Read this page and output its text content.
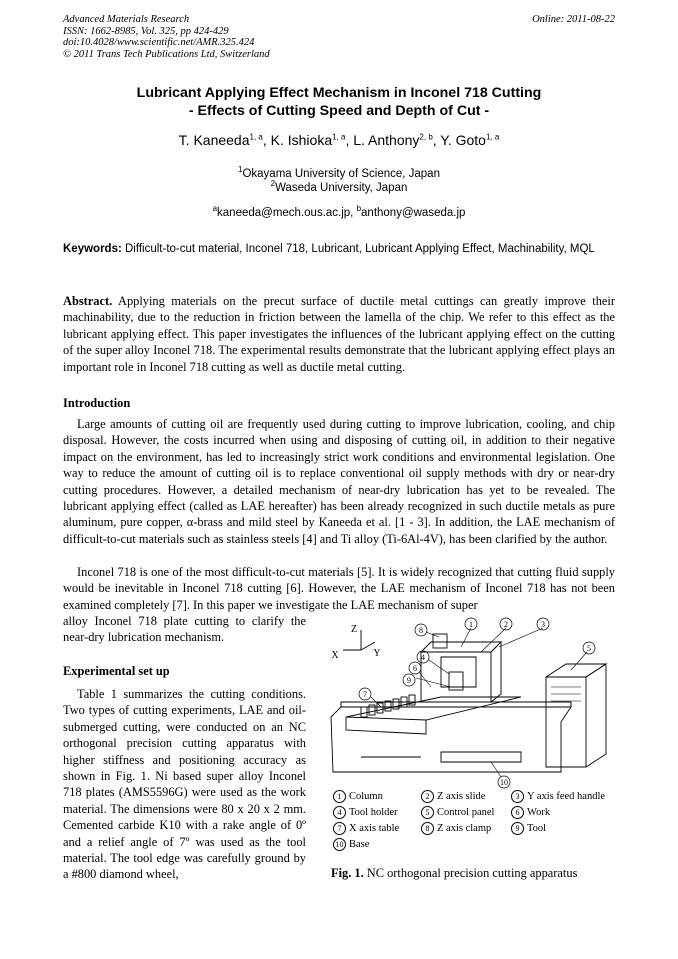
Advanced Materials Research
ISSN: 1662-8985, Vol. 325, pp 424-429
doi:10.4028/www.scientific.net/AMR.325.424
© 2011 Trans Tech Publications Ltd, Switzerland
Online: 2011-08-22
Lubricant Applying Effect Mechanism in Inconel 718 Cutting
- Effects of Cutting Speed and Depth of Cut -
T. Kaneeda$^{1, a}$, K. Ishioka$^{1, a}$, L. Anthony$^{2, b}$, Y. Goto$^{1, a}$
$^1$Okayama University of Science, Japan
$^2$Waseda University, Japan
$^a$kaneeda@mech.ous.ac.jp, $^b$anthony@waseda.jp
Keywords: Difficult-to-cut material, Inconel 718, Lubricant, Lubricant Applying Effect, Machinability, MQL
Abstract. Applying materials on the precut surface of ductile metal cuttings can greatly improve their machinability, due to the reduction in friction between the lamella of the chip. We refer to this effect as the lubricant applying effect. This paper investigates the influences of the lubricant applying effect on the cutting of the super alloy Inconel 718. The experimental results demonstrate that the lubricant applying effect plays an important role in Inconel 718 cutting as well as ductile metal cutting.
Introduction
Large amounts of cutting oil are frequently used during cutting to improve lubrication, cooling, and chip disposal. However, the costs incurred when using and disposing of cutting oil, in addition to their negative impact on the environment, has led to increasingly strict work conditions and environmental legislation. One way to reduce the amount of cutting oil is to replace conventional oil supply methods with dry or near-dry cutting procedures. However, a detailed mechanism of near-dry lubrication has yet to be revealed. The lubricant applying effect (called as LAE hereafter) has been already recognized in such ductile metals as pure aluminum, pure copper, α-brass and mild steel by Kaneeda et al. [1 - 3]. In addition, the LAE mechanism of difficult-to-cut materials such as stainless steels [4] and Ti alloy (Ti-6Al-4V), has been clarified by the author.
Inconel 718 is one of the most difficult-to-cut materials [5]. It is widely recognized that cutting fluid supply would be inevitable in Inconel 718 cutting [6]. However, the LAE mechanism of Inconel 718 has not been examined completely [7]. In this paper we investigate the LAE mechanism of super
alloy Inconel 718 plate cutting to clarify the near-dry lubrication mechanism.
Experimental set up
Table 1 summarizes the cutting conditions. Two types of cutting experiments, LAE and oil-submerged cutting, were conducted on an NC orthogonal precision cutting apparatus with higher stiffness and positioning accuracy as shown in Fig. 1. Ni based super alloy Inconel 718 plates (AMS5596G) were used as the work material. The dimensions were 80 x 20 x 2 mm. Cemented carbide K10 with a rake angle of 0º and a relief angle of 7º was used as the tool material. The tool edge was carefully ground by a #800 diamond wheel,
Z
X	Y
1	2	3
4
5
6
7
8
9
10
1 Column	2 Z axis slide	3 Y axis feed handle
4 Tool holder	5 Control panel	6 Work
7 X axis table	8 Z axis clamp	9 Tool
10 Base
Fig. 1. NC orthogonal precision cutting apparatus
